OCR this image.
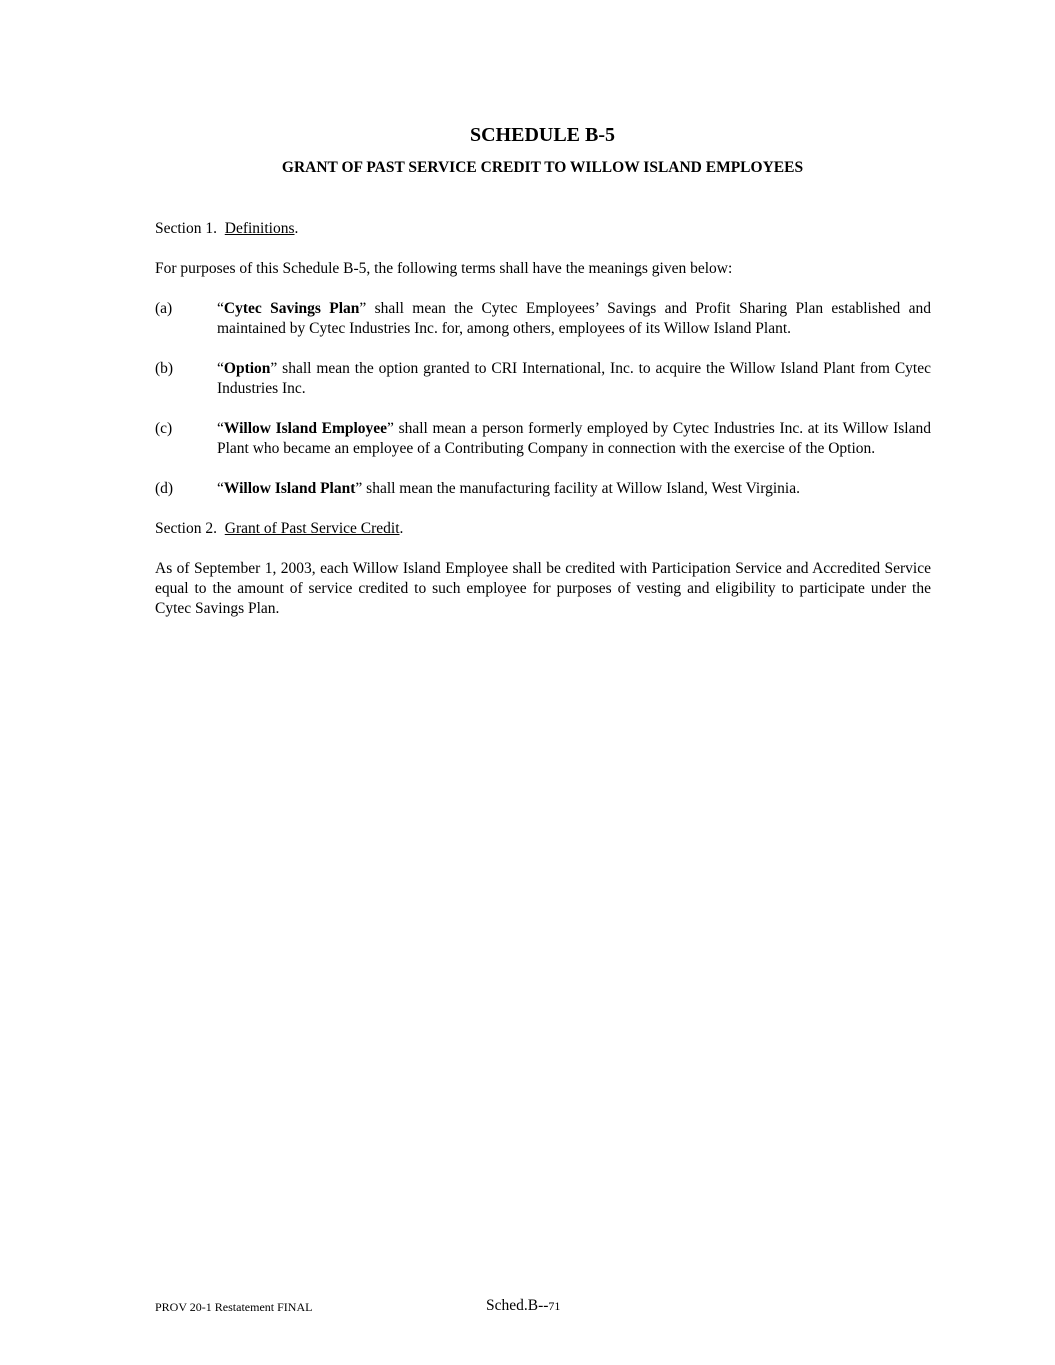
SCHEDULE B-5
GRANT OF PAST SERVICE CREDIT TO WILLOW ISLAND EMPLOYEES

Section 1. Definitions.

For purposes of this Schedule B-5, the following terms shall have the meanings given below:

(a)	“Cytec Savings Plan” shall mean the Cytec Employees’ Savings and Profit Sharing Plan established and maintained by Cytec Industries Inc. for, among others, employees of its Willow Island Plant.
(b)	“Option” shall mean the option granted to CRI International, Inc. to acquire the Willow Island Plant from Cytec Industries Inc.
(c)	“Willow Island Employee” shall mean a person formerly employed by Cytec Industries Inc. at its Willow Island Plant who became an employee of a Contributing Company in connection with the exercise of the Option.
(d)	“Willow Island Plant” shall mean the manufacturing facility at Willow Island, West Virginia.

Section 2. Grant of Past Service Credit.

As of September 1, 2003, each Willow Island Employee shall be credited with Participation Service and Accredited Service equal to the amount of service credited to such employee for purposes of vesting and eligibility to participate under the Cytec Savings Plan.

PROV 20-1 Restatement FINAL	Sched.B--71
